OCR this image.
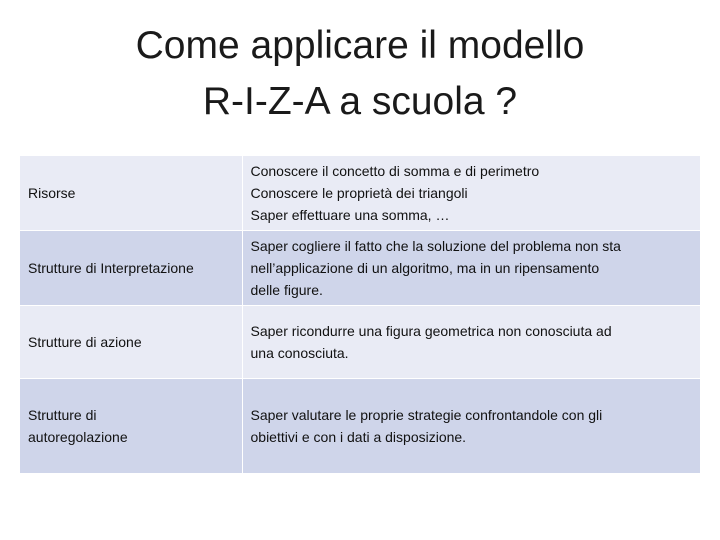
Come applicare il modello
R-I-Z-A a scuola ?
Risorse	Conoscere il concetto di somma e di perimetro
Conoscere le proprietà dei triangoli
Saper effettuare una somma, …

Strutture di Interpretazione	Saper cogliere il fatto che la soluzione del problema non sta
nell’applicazione di un algoritmo, ma in un ripensamento
delle figure.

Strutture di azione	Saper ricondurre una figura geometrica non conosciuta ad
una conosciuta.

Strutture di
autoregolazione	Saper valutare le proprie strategie confrontandole con gli
obiettivi e con i dati a disposizione.
